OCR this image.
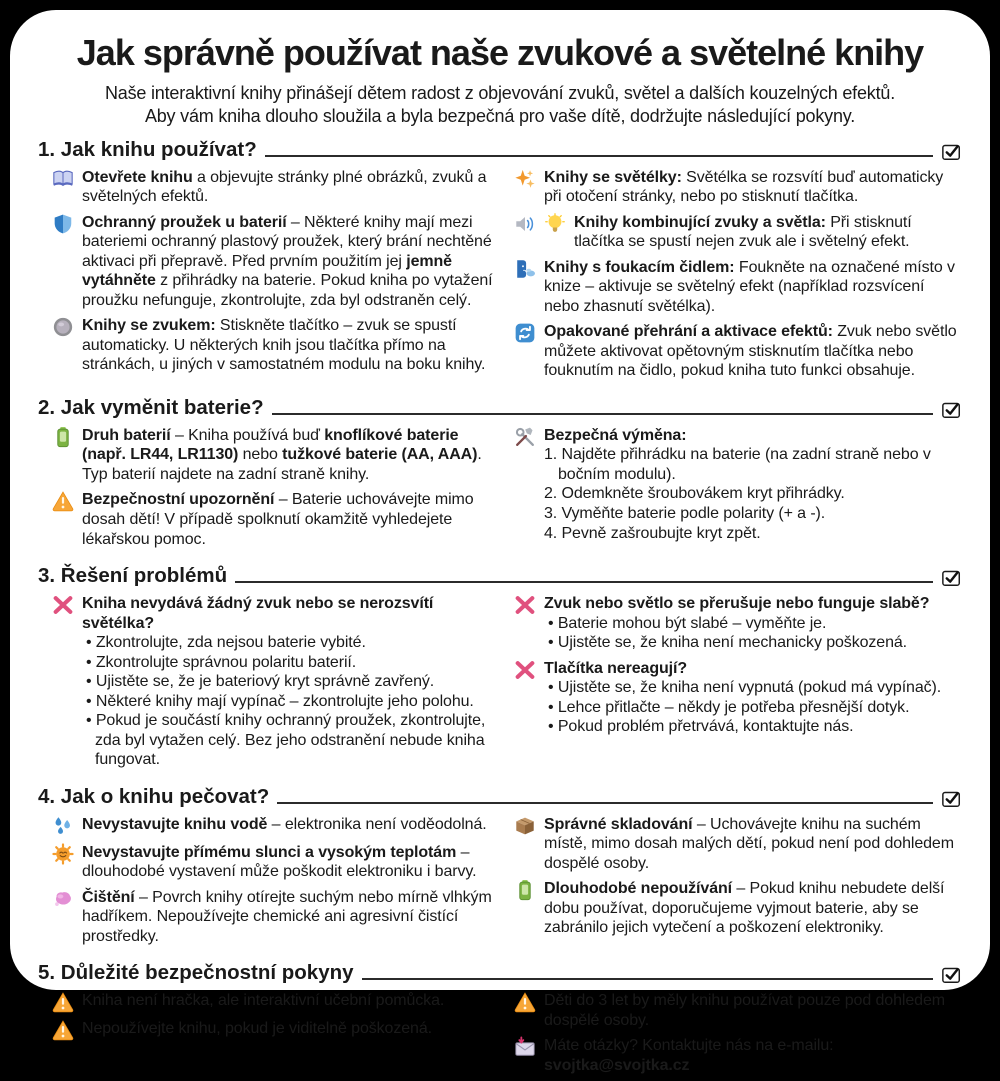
Jak správně používat naše zvukové a světelné knihy
Naše interaktivní knihy přinášejí dětem radost z objevování zvuků, světel a dalších kouzelných efektů.
Aby vám kniha dlouho sloužila a byla bezpečná pro vaše dítě, dodržujte následující pokyny.
1. Jak knihu používat?
Otevřete knihu a objevujte stránky plné obrázků, zvuků a světelných efektů.
Ochranný proužek u baterií – Některé knihy mají mezi bateriemi ochranný plastový proužek, který brání nechtěné aktivaci při přepravě. Před prvním použitím jej jemně vytáhněte z přihrádky na baterie. Pokud kniha po vytažení proužku nefunguje, zkontrolujte, zda byl odstraněn celý.
Knihy se zvukem: Stiskněte tlačítko – zvuk se spustí automaticky. U některých knih jsou tlačítka přímo na stránkách, u jiných v samostatném modulu na boku knihy.
Knihy se světélky: Světélka se rozsvítí buď automaticky při otočení stránky, nebo po stisknutí tlačítka.
Knihy kombinující zvuky a světla: Při stisknutí tlačítka se spustí nejen zvuk ale i světelný efekt.
Knihy s foukacím čidlem: Foukněte na označené místo v knize – aktivuje se světelný efekt (například rozsvícení nebo zhasnutí světélka).
Opakované přehrání a aktivace efektů: Zvuk nebo světlo můžete aktivovat opětovným stisknutím tlačítka nebo fouknutím na čidlo, pokud kniha tuto funkci obsahuje.
2. Jak vyměnit baterie?
Druh baterií – Kniha používá buď knoflíkové baterie (např. LR44, LR1130) nebo tužkové baterie (AA, AAA). Typ baterií najdete na zadní straně knihy.
Bezpečnostní upozornění – Baterie uchovávejte mimo dosah dětí! V případě spolknutí okamžitě vyhledejete lékařskou pomoc.
Bezpečná výměna:
1. Najděte přihrádku na baterie (na zadní straně nebo v bočním modulu).
2. Odemkněte šroubovákem kryt přihrádky.
3. Vyměňte baterie podle polarity (+ a -).
4. Pevně zašroubujte kryt zpět.
3. Řešení problémů
Kniha nevydává žádný zvuk nebo se nerozsvítí světélka?
• Zkontrolujte, zda nejsou baterie vybité.
• Zkontrolujte správnou polaritu baterií.
• Ujistěte se, že je bateriový kryt správně zavřený.
• Některé knihy mají vypínač – zkontrolujte jeho polohu.
• Pokud je součástí knihy ochranný proužek, zkontrolujte, zda byl vytažen celý. Bez jeho odstranění nebude kniha fungovat.
Zvuk nebo světlo se přerušuje nebo funguje slabě?
• Baterie mohou být slabé – vyměňte je.
• Ujistěte se, že kniha není mechanicky poškozená.
Tlačítka nereagují?
• Ujistěte se, že kniha není vypnutá (pokud má vypínač).
• Lehce přitlačte – někdy je potřeba přesnější dotyk.
• Pokud problém přetrvává, kontaktujte nás.
4. Jak o knihu pečovat?
Nevystavujte knihu vodě – elektronika není voděodolná.
Nevystavujte přímému slunci a vysokým teplotám – dlouhodobé vystavení může poškodit elektroniku i barvy.
Čištění – Povrch knihy otírejte suchým nebo mírně vlhkým hadříkem. Nepoužívejte chemické ani agresivní čistící prostředky.
Správné skladování – Uchovávejte knihu na suchém místě, mimo dosah malých dětí, pokud není pod dohledem dospělé osoby.
Dlouhodobé nepoužívání – Pokud knihu nebudete delší dobu používat, doporučujeme vyjmout baterie, aby se zabránilo jejich vytečení a poškození elektroniky.
5. Důležité bezpečnostní pokyny
Kniha není hračka, ale interaktivní učební pomůcka.
Nepoužívejte knihu, pokud je viditelně poškozená.
Děti do 3 let by měly knihu používat pouze pod dohledem dospělé osoby.
Máte otázky? Kontaktujte nás na e-mailu: svojtka@svojtka.cz
